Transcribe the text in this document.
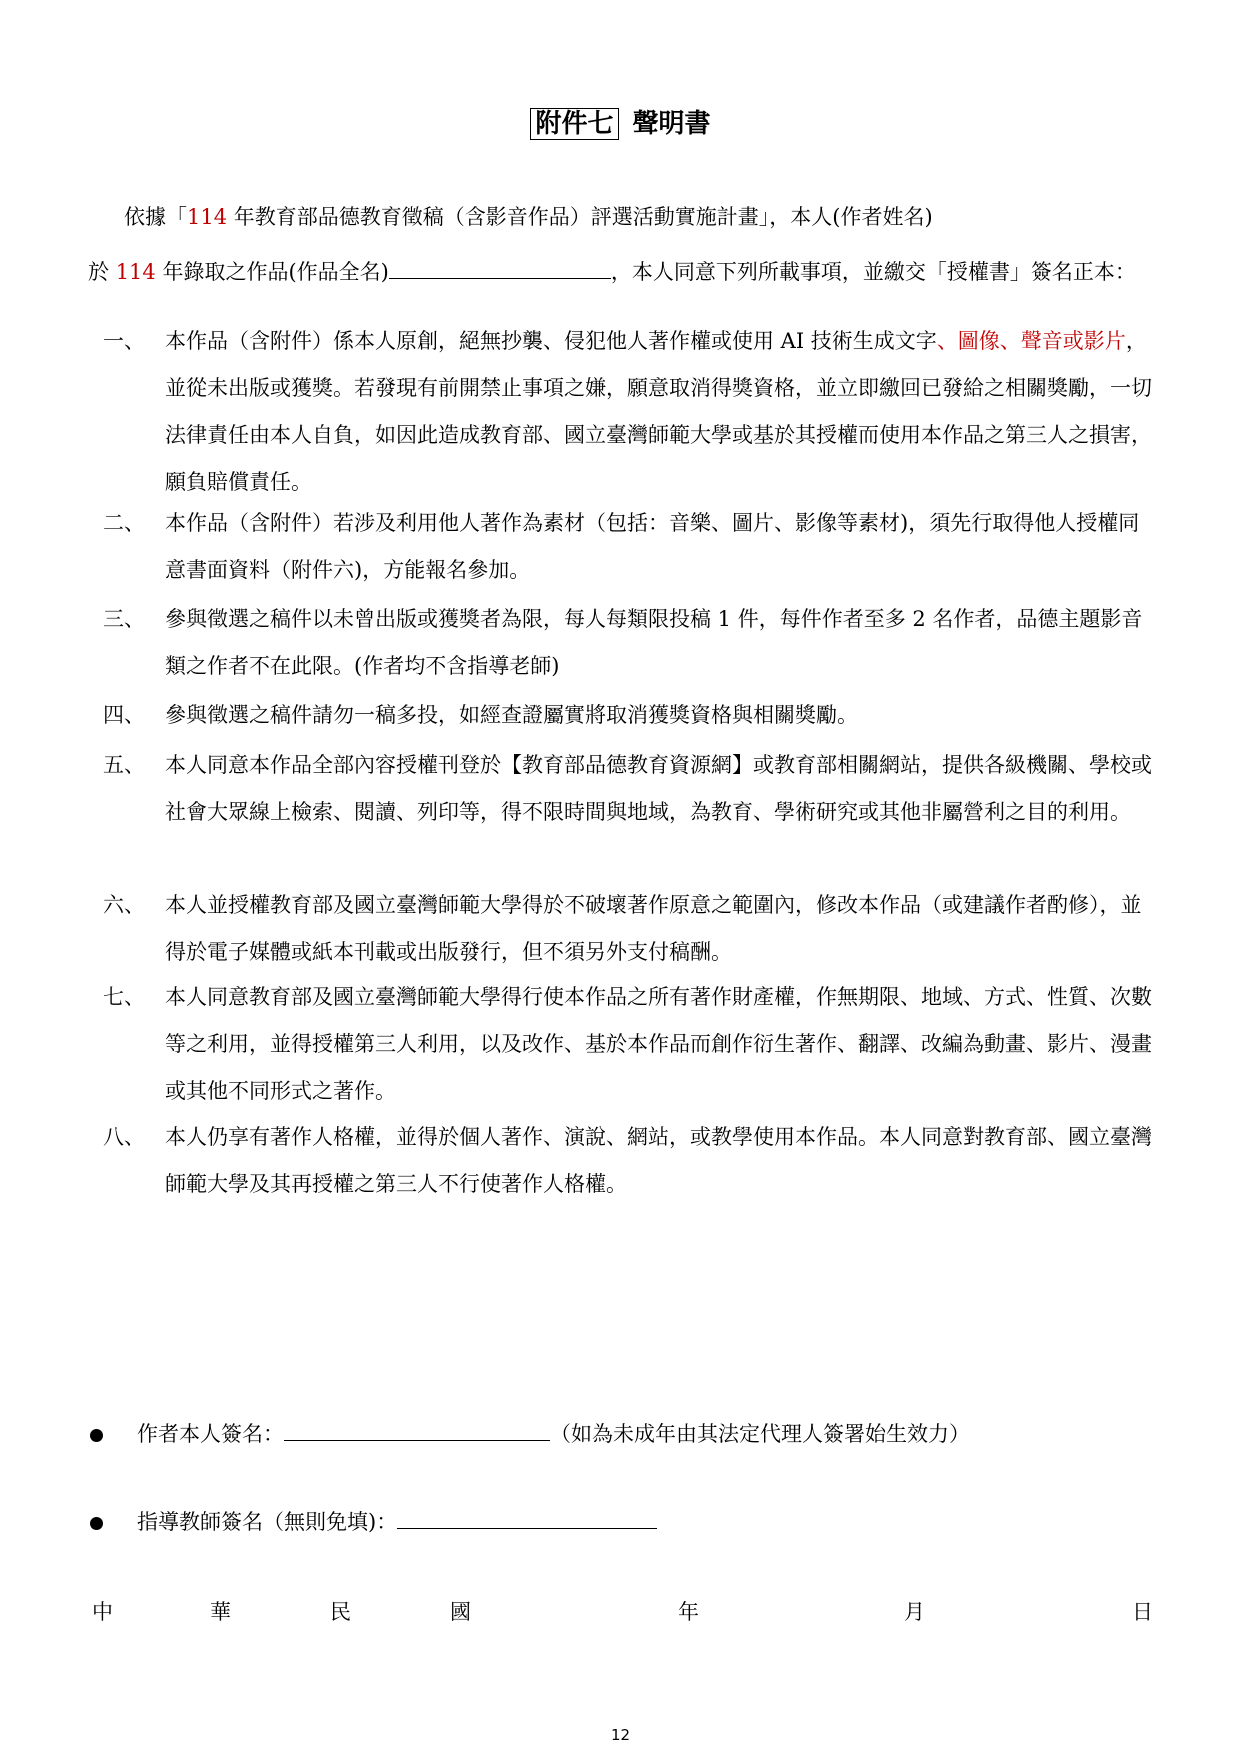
附件七 聲明書
依據「114 年教育部品德教育徵稿（含影音作品）評選活動實施計畫」，本人(作者姓名)
於 114 年錄取之作品(作品全名)	，本人同意下列所載事項，並繳交「授權書」簽名正本：
一、 本作品（含附件）係本人原創，絕無抄襲、侵犯他人著作權或使用 AI 技術生成文字、圖像、聲音或影片，並從未出版或獲獎。若發現有前開禁止事項之嫌，願意取消得獎資格，並立即繳回已發給之相關獎勵，一切法律責任由本人自負，如因此造成教育部、國立臺灣師範大學或基於其授權而使用本作品之第三人之損害，願負賠償責任。
二、 本作品（含附件）若涉及利用他人著作為素材（包括：音樂、圖片、影像等素材)，須先行取得他人授權同意書面資料（附件六)，方能報名參加。
三、 參與徵選之稿件以未曾出版或獲獎者為限，每人每類限投稿 1 件，每件作者至多 2 名作者，品德主題影音類之作者不在此限。(作者均不含指導老師)
四、 參與徵選之稿件請勿一稿多投，如經查證屬實將取消獲獎資格與相關獎勵。
五、 本人同意本作品全部內容授權刊登於【教育部品德教育資源網】或教育部相關網站，提供各級機關、學校或社會大眾線上檢索、閱讀、列印等，得不限時間與地域，為教育、學術研究或其他非屬營利之目的利用。
六、 本人並授權教育部及國立臺灣師範大學得於不破壞著作原意之範圍內，修改本作品（或建議作者酌修），並得於電子媒體或紙本刊載或出版發行，但不須另外支付稿酬。
七、 本人同意教育部及國立臺灣師範大學得行使本作品之所有著作財產權，作無期限、地域、方式、性質、次數等之利用，並得授權第三人利用，以及改作、基於本作品而創作衍生著作、翻譯、改編為動畫、影片、漫畫或其他不同形式之著作。
八、 本人仍享有著作人格權，並得於個人著作、演說、網站，或教學使用本作品。本人同意對教育部、國立臺灣師範大學及其再授權之第三人不行使著作人格權。
作者本人簽名：	（如為未成年由其法定代理人簽署始生效力）
指導教師簽名（無則免填)：
中	華	民	國	年	月	日
12
